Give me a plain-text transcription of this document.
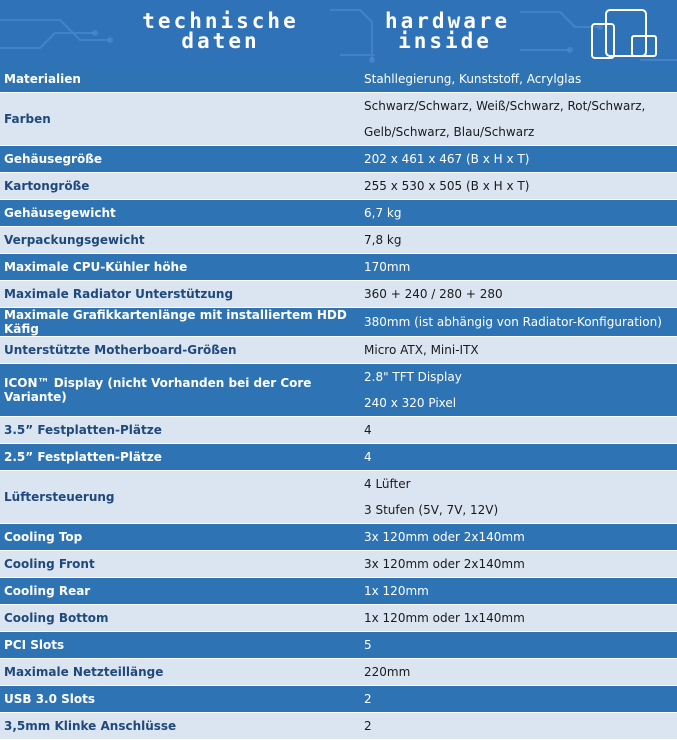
technische
daten
hardware
inside
Materialien	Stahllegierung, Kunststoff, Acrylglas

Farben	Schwarz/Schwarz, Weiß/Schwarz, Rot/Schwarz,
Gelb/Schwarz, Blau/Schwarz

Gehäusegröße	202 x 461 x 467 (B x H x T)

Kartongröße	255 x 530 x 505 (B x H x T)

Gehäusegewicht	6,7 kg

Verpackungsgewicht	7,8 kg

Maximale CPU-Kühler höhe	170mm

Maximale Radiator Unterstützung	360 + 240 / 280 + 280

Maximale Grafikkartenlänge mit installiertem HDD Käfig	380mm (ist abhängig von Radiator-Konfiguration)

Unterstützte Motherboard-Größen	Micro ATX, Mini-ITX

ICON™ Display (nicht Vorhanden bei der Core Variante)	2.8" TFT Display
240 x 320 Pixel

3.5” Festplatten-Plätze	4

2.5” Festplatten-Plätze	4

Lüftersteuerung	4 Lüfter
3 Stufen (5V, 7V, 12V)

Cooling Top	3x 120mm oder 2x140mm

Cooling Front	3x 120mm oder 2x140mm

Cooling Rear	1x 120mm

Cooling Bottom	1x 120mm oder 1x140mm

PCI Slots	5

Maximale Netzteillänge	220mm

USB 3.0 Slots	2

3,5mm Klinke Anschlüsse	2
